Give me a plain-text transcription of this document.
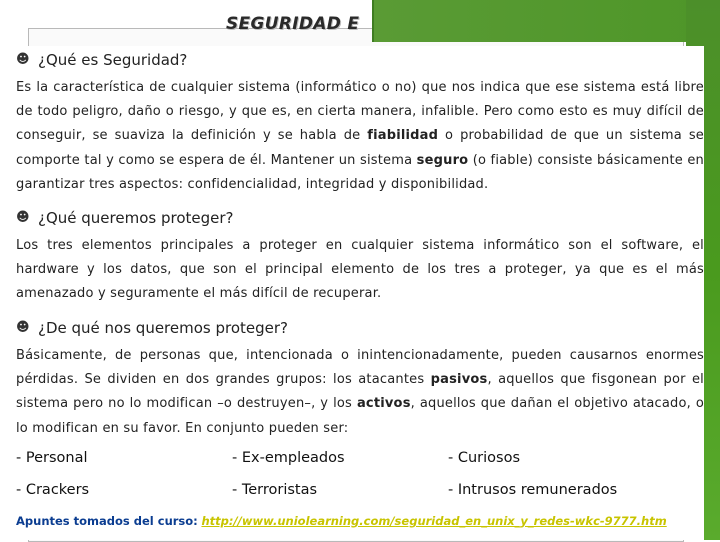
SEGURIDAD E
☻ ¿Qué es Seguridad?
Es la característica de cualquier sistema (informático o no) que nos indica que ese sistema está libre de todo peligro, daño o riesgo, y que es, en cierta manera, infalible. Pero como esto es muy difícil de conseguir, se suaviza la definición y se habla de fiabilidad o probabilidad de que un sistema se comporte tal y como se espera de él. Mantener un sistema seguro (o fiable) consiste básicamente en garantizar tres aspectos: confidencialidad, integridad y disponibilidad.
☻ ¿Qué queremos proteger?
Los tres elementos principales a proteger en cualquier sistema informático son el software, el hardware y los datos, que son el principal elemento de los tres a proteger, ya que es el más amenazado y seguramente el más difícil de recuperar.
☻ ¿De qué nos queremos proteger?
Básicamente, de personas que, intencionada o inintencionadamente, pueden causarnos enormes pérdidas. Se dividen en dos grandes grupos: los atacantes pasivos, aquellos que fisgonean por el sistema pero no lo modifican –o destruyen–, y los activos, aquellos que dañan el objetivo atacado, o lo modifican en su favor. En conjunto pueden ser:
- Personal	- Ex-empleados	- Curiosos
- Crackers	- Terroristas	- Intrusos remunerados
Apuntes tomados del curso: http://www.uniolearning.com/seguridad_en_unix_y_redes-wkc-9777.htm
